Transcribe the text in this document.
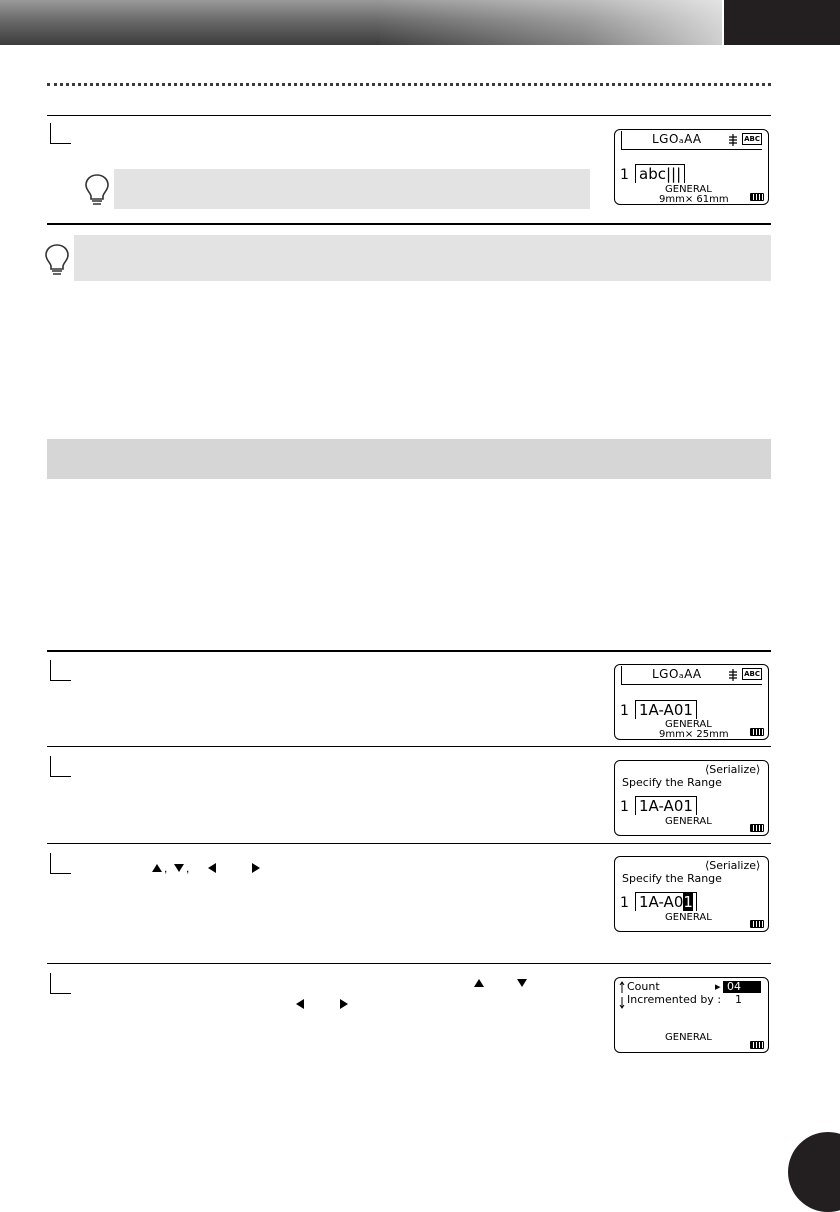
LGOₐAΑ	ABC
1 abc|||
GENERAL
9mm× 61mm
LGOₐAΑ	ABC
1 1A-A01
GENERAL
9mm× 25mm
⟨Serialize⟩
Specify the Range
1 1A-A01
GENERAL
, ,	⟨Serialize⟩
Specify the Range
1 1A-A01
GENERAL
Count	▸ 04
Incremented by : 1
GENERAL
